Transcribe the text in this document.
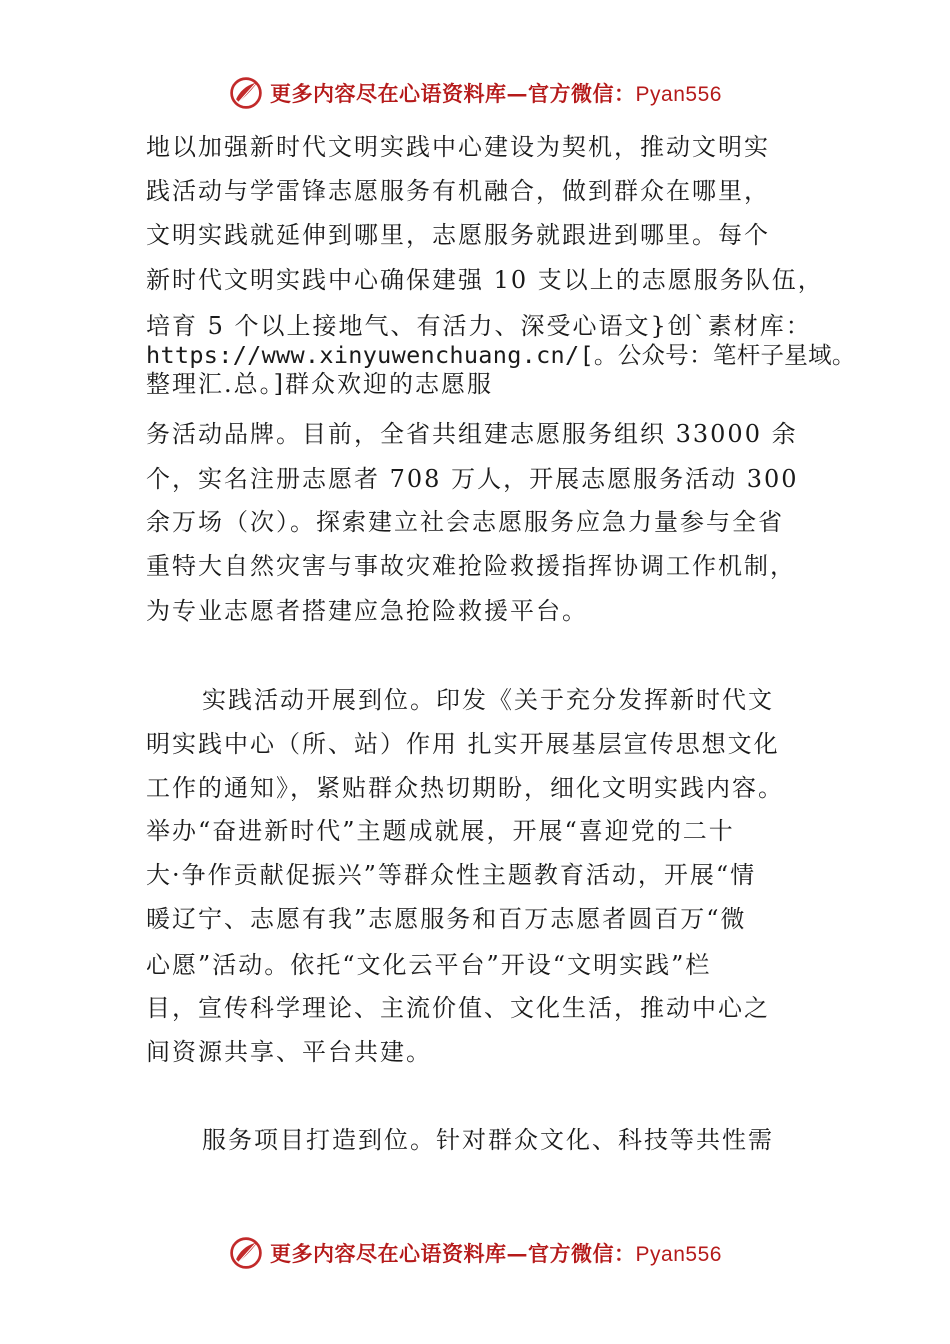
更多内容尽在心语资料库—官方微信：Pyan556
地以加强新时代文明实践中心建设为契机，推动文明实
践活动与学雷锋志愿服务有机融合，做到群众在哪里，
文明实践就延伸到哪里，志愿服务就跟进到哪里。每个
新时代文明实践中心确保建强 10 支以上的志愿服务队伍，
培育 5 个以上接地气、有活力、深受心语文}创`素材库：
https://www.xinyuwenchuang.cn/[。公众号：笔杆子星域。
整理汇.总。]群众欢迎的志愿服
务活动品牌。目前，全省共组建志愿服务组织 33000 余
个，实名注册志愿者 708 万人，开展志愿服务活动 300
余万场（次）。探索建立社会志愿服务应急力量参与全省
重特大自然灾害与事故灾难抢险救援指挥协调工作机制，
为专业志愿者搭建应急抢险救援平台。
实践活动开展到位。印发《关于充分发挥新时代文
明实践中心（所、站）作用 扎实开展基层宣传思想文化
工作的通知》，紧贴群众热切期盼，细化文明实践内容。
举办“奋进新时代”主题成就展，开展“喜迎党的二十
大·争作贡献促振兴”等群众性主题教育活动，开展“情
暖辽宁、志愿有我”志愿服务和百万志愿者圆百万“微
心愿”活动。依托“文化云平台”开设“文明实践”栏
目，宣传科学理论、主流价值、文化生活，推动中心之
间资源共享、平台共建。
服务项目打造到位。针对群众文化、科技等共性需
更多内容尽在心语资料库—官方微信：Pyan556
